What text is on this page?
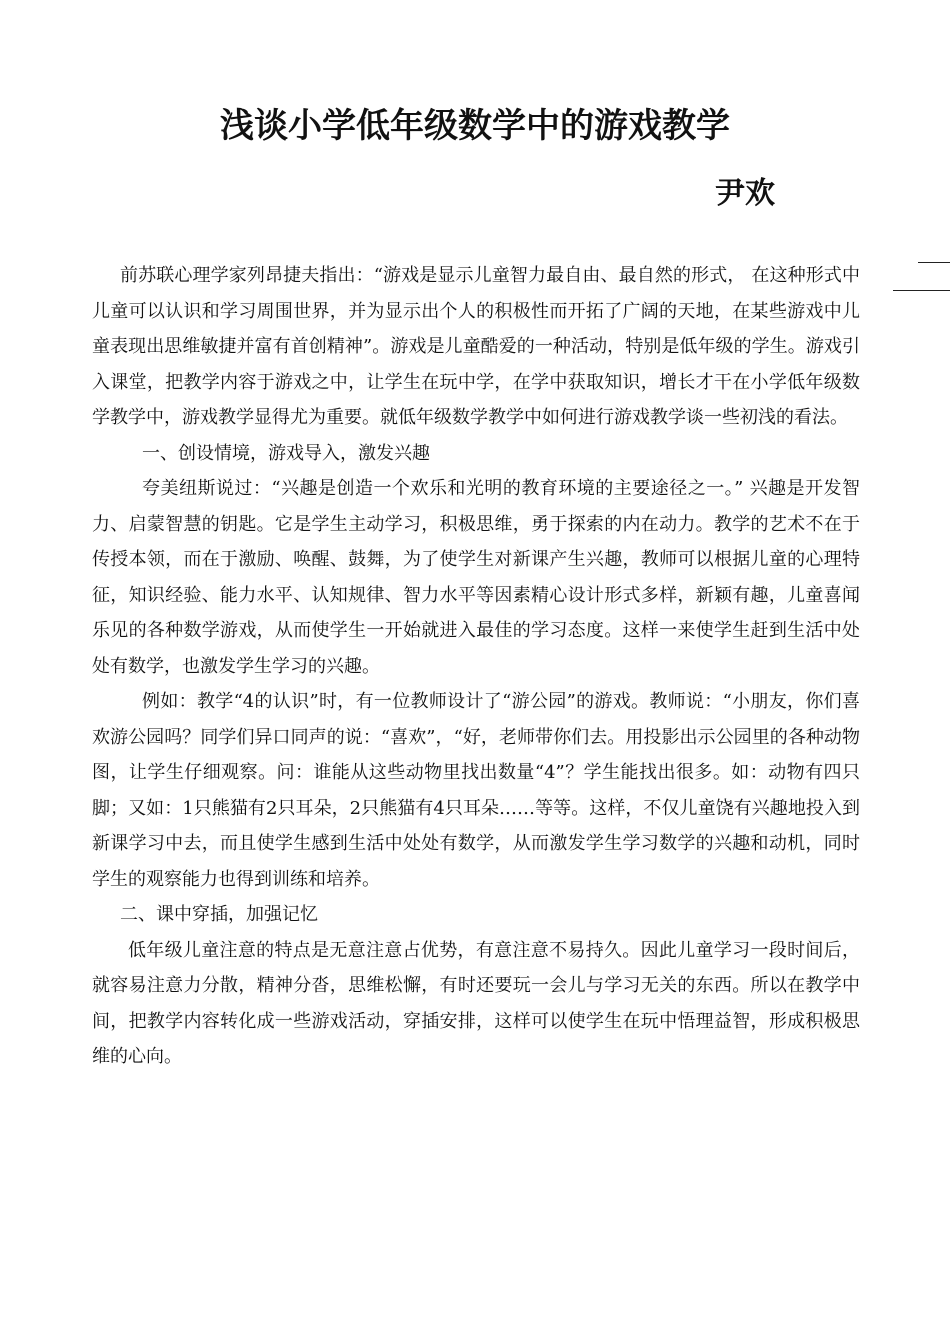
浅谈小学低年级数学中的游戏教学
尹欢

前苏联心理学家列昂捷夫指出：“游戏是显示儿童智力最自由、最自然的形式， 在这种形式中儿童可以认识和学习周围世界，并为显示出个人的积极性而开拓了广阔的天地，在某些游戏中儿童表现出思维敏捷并富有首创精神”。游戏是儿童酷爱的一种活动，特别是低年级的学生。游戏引入课堂，把教学内容于游戏之中，让学生在玩中学，在学中获取知识，增长才干在小学低年级数学教学中，游戏教学显得尤为重要。就低年级数学教学中如何进行游戏教学谈一些初浅的看法。

一、创设情境，游戏导入，激发兴趣

夸美纽斯说过：“兴趣是创造一个欢乐和光明的教育环境的主要途径之一。” 兴趣是开发智力、启蒙智慧的钥匙。它是学生主动学习，积极思维，勇于探索的内在动力。教学的艺术不在于传授本领，而在于激励、唤醒、鼓舞，为了使学生对新课产生兴趣，教师可以根据儿童的心理特征，知识经验、能力水平、认知规律、智力水平等因素精心设计形式多样，新颖有趣，儿童喜闻乐见的各种数学游戏，从而使学生一开始就进入最佳的学习态度。这样一来使学生赶到生活中处处有数学，也激发学生学习的兴趣。

例如：教学“4的认识”时，有一位教师设计了“游公园”的游戏。教师说：“小朋友，你们喜欢游公园吗？同学们异口同声的说：“喜欢”，“好，老师带你们去。用投影出示公园里的各种动物图，让学生仔细观察。问：谁能从这些动物里找出数量“4”？学生能找出很多。如：动物有四只脚；又如：1只熊猫有2只耳朵，2只熊猫有4只耳朵……等等。这样，不仅儿童饶有兴趣地投入到新课学习中去，而且使学生感到生活中处处有数学，从而激发学生学习数学的兴趣和动机，同时学生的观察能力也得到训练和培养。

二、课中穿插，加强记忆

低年级儿童注意的特点是无意注意占优势，有意注意不易持久。因此儿童学习一段时间后，就容易注意力分散，精神分沓，思维松懈，有时还要玩一会儿与学习无关的东西。所以在教学中间，把教学内容转化成一些游戏活动，穿插安排，这样可以使学生在玩中悟理益智，形成积极思维的心向。
